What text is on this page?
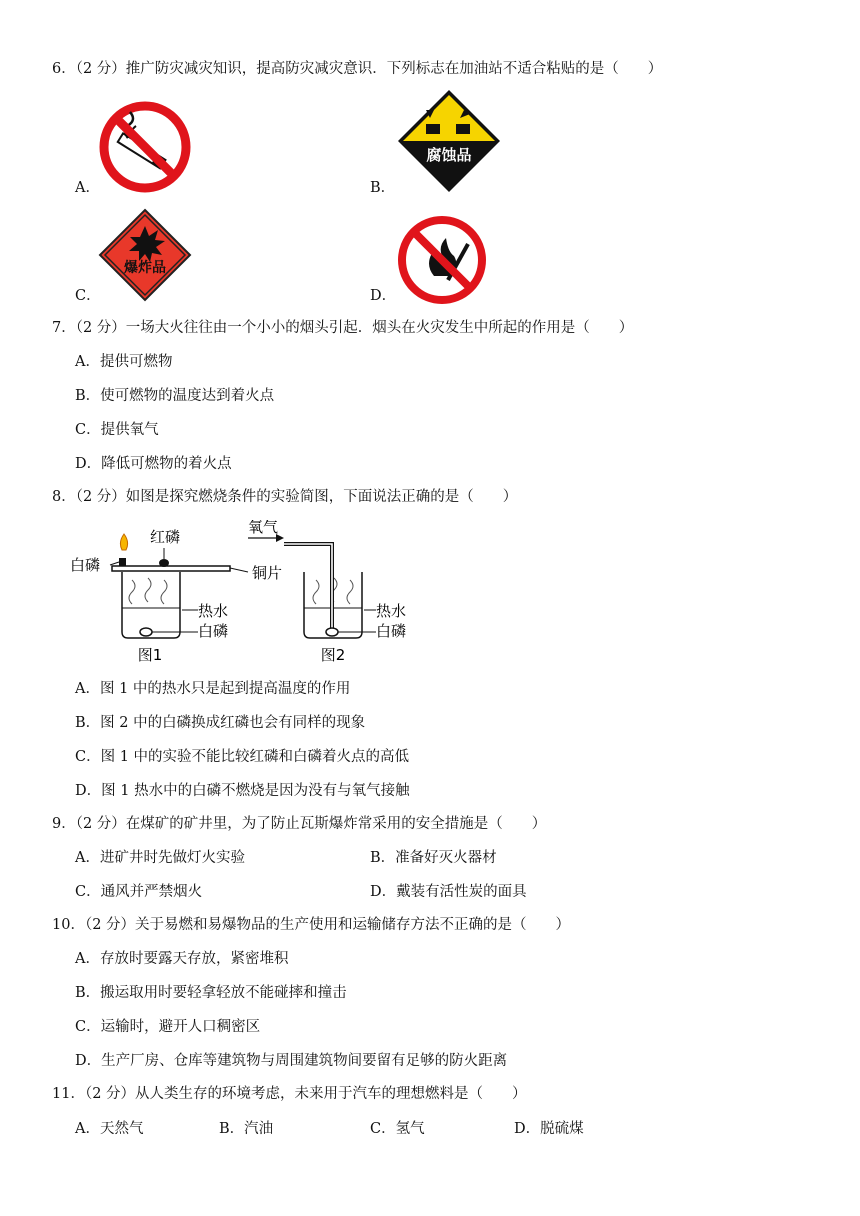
6．（2 分）推广防灾减灾知识，提高防灾减灾意识．下列标志在加油站不适合粘贴的是（　　）
A．	B．
腐蚀品
C．
爆炸品
D．
7．（2 分）一场大火往往由一个小小的烟头引起．烟头在火灾发生中所起的作用是（　　）
A．提供可燃物
B．使可燃物的温度达到着火点
C．提供氧气
D．降低可燃物的着火点
8．（2 分）如图是探究燃烧条件的实验简图，下面说法正确的是（　　）
红磷
白磷	铜片
热水
白磷
图1
氧气
热水
白磷
图2
A．图 1 中的热水只是起到提高温度的作用
B．图 2 中的白磷换成红磷也会有同样的现象
C．图 1 中的实验不能比较红磷和白磷着火点的高低
D．图 1 热水中的白磷不燃烧是因为没有与氧气接触
9．（2 分）在煤矿的矿井里，为了防止瓦斯爆炸常采用的安全措施是（　　）
A．进矿井时先做灯火实验	B．准备好灭火器材
C．通风并严禁烟火	D．戴装有活性炭的面具
10．（2 分）关于易燃和易爆物品的生产使用和运输储存方法不正确的是（　　）
A．存放时要露天存放，紧密堆积
B．搬运取用时要轻拿轻放不能碰摔和撞击
C．运输时，避开人口稠密区
D．生产厂房、仓库等建筑物与周围建筑物间要留有足够的防火距离
11．（2 分）从人类生存的环境考虑，未来用于汽车的理想燃料是（　　）
A．天然气	B．汽油	C．氢气	D．脱硫煤
